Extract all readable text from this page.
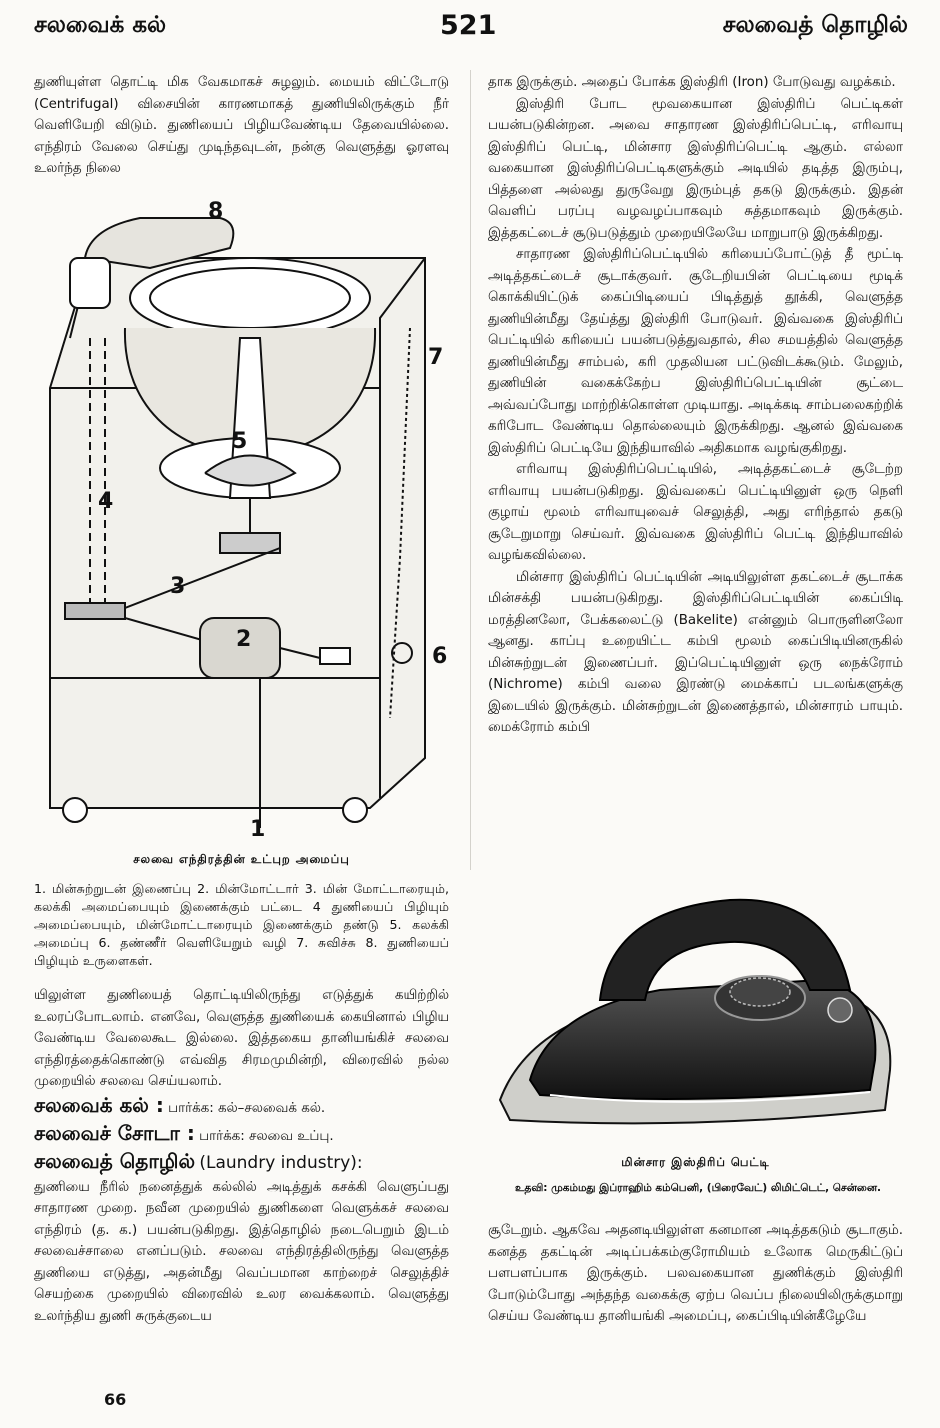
சலவைக் கல்	521	சலவைத் தொழில்

துணியுள்ள தொட்டி மிக வேகமாகச் சுழலும். மையம் விட்டோடு (Centrifugal) விசையின் காரணமாகத் துணியிலிருக்கும் நீர் வெளியேறி விடும். துணியைப் பிழியவேண்டிய தேவையில்லை. எந்திரம் வேலை செய்து முடிந்தவுடன், நன்கு வெளுத்து ஓரளவு உலர்ந்த நிலை

8
7
5
4
3
2
6
1
சலவை எந்திரத்தின் உட்புற அமைப்பு
1. மின்சுற்றுடன் இணைப்பு 2. மின்மோட்டார் 3. மின் மோட்டாரையும், கலக்கி அமைப்பையும் இணைக்கும் பட்டை 4 துணியைப் பிழியும் அமைப்பையும், மின்மோட்டாரையும் இணைக்கும் தண்டு 5. கலக்கி அமைப்பு 6. தண்ணீர் வெளியேறும் வழி 7. சுவிச்சு 8. துணியைப் பிழியும் உருளைகள்.

யிலுள்ள துணியைத் தொட்டியிலிருந்து எடுத்துக் கயிற்றில் உலரப்போடலாம். எனவே, வெளுத்த துணியைக் கையினால் பிழிய வேண்டிய வேலைகூட இல்லை. இத்தகைய தானியங்கிச் சலவை எந்திரத்தைக்கொண்டு எவ்வித சிரமமுமின்றி, விரைவில் நல்ல முறையில் சலவை செய்யலாம்.

சலவைக் கல் : பார்க்க: கல்–சலவைக் கல்.

சலவைச் சோடா : பார்க்க: சலவை உப்பு.

சலவைத் தொழில் (Laundry industry):

துணியை நீரில் நனைத்துக் கல்லில் அடித்துக் கசக்கி வெளுப்பது சாதாரண முறை. நவீன முறையில் துணிகளை வெளுக்கச் சலவை எந்திரம் (த. க.) பயன்படுகிறது. இத்தொழில் நடைபெறும் இடம் சலவைச்சாலை எனப்படும். சலவை எந்திரத்திலிருந்து வெளுத்த துணியை எடுத்து, அதன்மீது வெப்பமான காற்றைச் செலுத்திச் செயற்கை முறையில் விரைவில் உலர வைக்கலாம். வெளுத்து உலர்ந்திய துணி சுருக்குடைய

66

தாக இருக்கும். அதைப் போக்க இஸ்திரி (Iron) போடுவது வழக்கம்.

இஸ்திரி போட மூவகையான இஸ்திரிப் பெட்டிகள் பயன்படுகின்றன. அவை சாதாரண இஸ்திரிப்பெட்டி, எரிவாயு இஸ்திரிப் பெட்டி, மின்சார இஸ்திரிப்பெட்டி ஆகும். எல்லா வகையான இஸ்திரிப்பெட்டிகளுக்கும் அடியில் தடித்த இரும்பு, பித்தளை அல்லது துருவேறு இரும்புத் தகடு இருக்கும். இதன் வெளிப் பரப்பு வழவழப்பாகவும் சுத்தமாகவும் இருக்கும். இத்தகட்டைச் சூடுபடுத்தும் முறையிலேயே மாறுபாடு இருக்கிறது.

சாதாரண இஸ்திரிப்பெட்டியில் கரியைப்போட்டுத் தீ மூட்டி அடித்தகட்டைச் சூடாக்குவர். சூடேறியபின் பெட்டியை மூடிக் கொக்கியிட்டுக் கைப்பிடியைப் பிடித்துத் தூக்கி, வெளுத்த துணியின்மீது தேய்த்து இஸ்திரி போடுவர். இவ்வகை இஸ்திரிப் பெட்டியில் கரியைப் பயன்படுத்துவதால், சில சமயத்தில் வெளுத்த துணியின்மீது சாம்பல், கரி முதலியன பட்டுவிடக்கூடும். மேலும், துணியின் வகைக்கேற்ப இஸ்திரிப்பெட்டியின் சூட்டை அவ்வப்போது மாற்றிக்கொள்ள முடியாது. அடிக்கடி சாம்பலைகற்றிக் கரிபோட வேண்டிய தொல்லையும் இருக்கிறது. ஆனல் இவ்வகை இஸ்திரிப் பெட்டியே இந்தியாவில் அதிகமாக வழங்குகிறது.

எரிவாயு இஸ்திரிப்பெட்டியில், அடித்தகட்டைச் சூடேற்ற எரிவாயு பயன்படுகிறது. இவ்வகைப் பெட்டியினுள் ஒரு நெளி குழாய் மூலம் எரிவாயுவைச் செலுத்தி, அது எரிந்தால் தகடு சூடேறுமாறு செய்வர். இவ்வகை இஸ்திரிப் பெட்டி இந்தியாவில் வழங்கவில்லை.

மின்சார இஸ்திரிப் பெட்டியின் அடியிலுள்ள தகட்டைச் சூடாக்க மின்சக்தி பயன்படுகிறது. இஸ்திரிப்பெட்டியின் கைப்பிடி மரத்தினலோ, பேக்கலைட்டு (Bakelite) என்னும் பொருளினலோ ஆனது. காப்பு உறையிட்ட கம்பி மூலம் கைப்பிடியினருகில் மின்சுற்றுடன் இணைப்பர். இப்பெட்டியினுள் ஒரு நைக்ரோம் (Nichrome) கம்பி வலை இரண்டு மைக்காப் படலங்களுக்கு இடையில் இருக்கும். மின்சுற்றுடன் இணைத்தால், மின்சாரம் பாயும். மைக்ரோம் கம்பி

மின்சார இஸ்திரிப் பெட்டி
உதவி: முகம்மது இப்ராஹிம் கம்பெனி, (பிரைவேட்) லிமிட்டெட், சென்னை.

சூடேறும். ஆகவே அதனடியிலுள்ள கனமான அடித்தகடும் சூடாகும். கனத்த தகட்டின் அடிப்பக்கம்குரோமியம் உலோக மெருகிட்டுப் பளபளப்பாக இருக்கும். பலவகையான துணிக்கும் இஸ்திரி போடும்போது அந்தந்த வகைக்கு ஏற்ப வெப்ப நிலையிலிருக்குமாறு செய்ய வேண்டிய தானியங்கி அமைப்பு, கைப்பிடியின்கீழேயே
